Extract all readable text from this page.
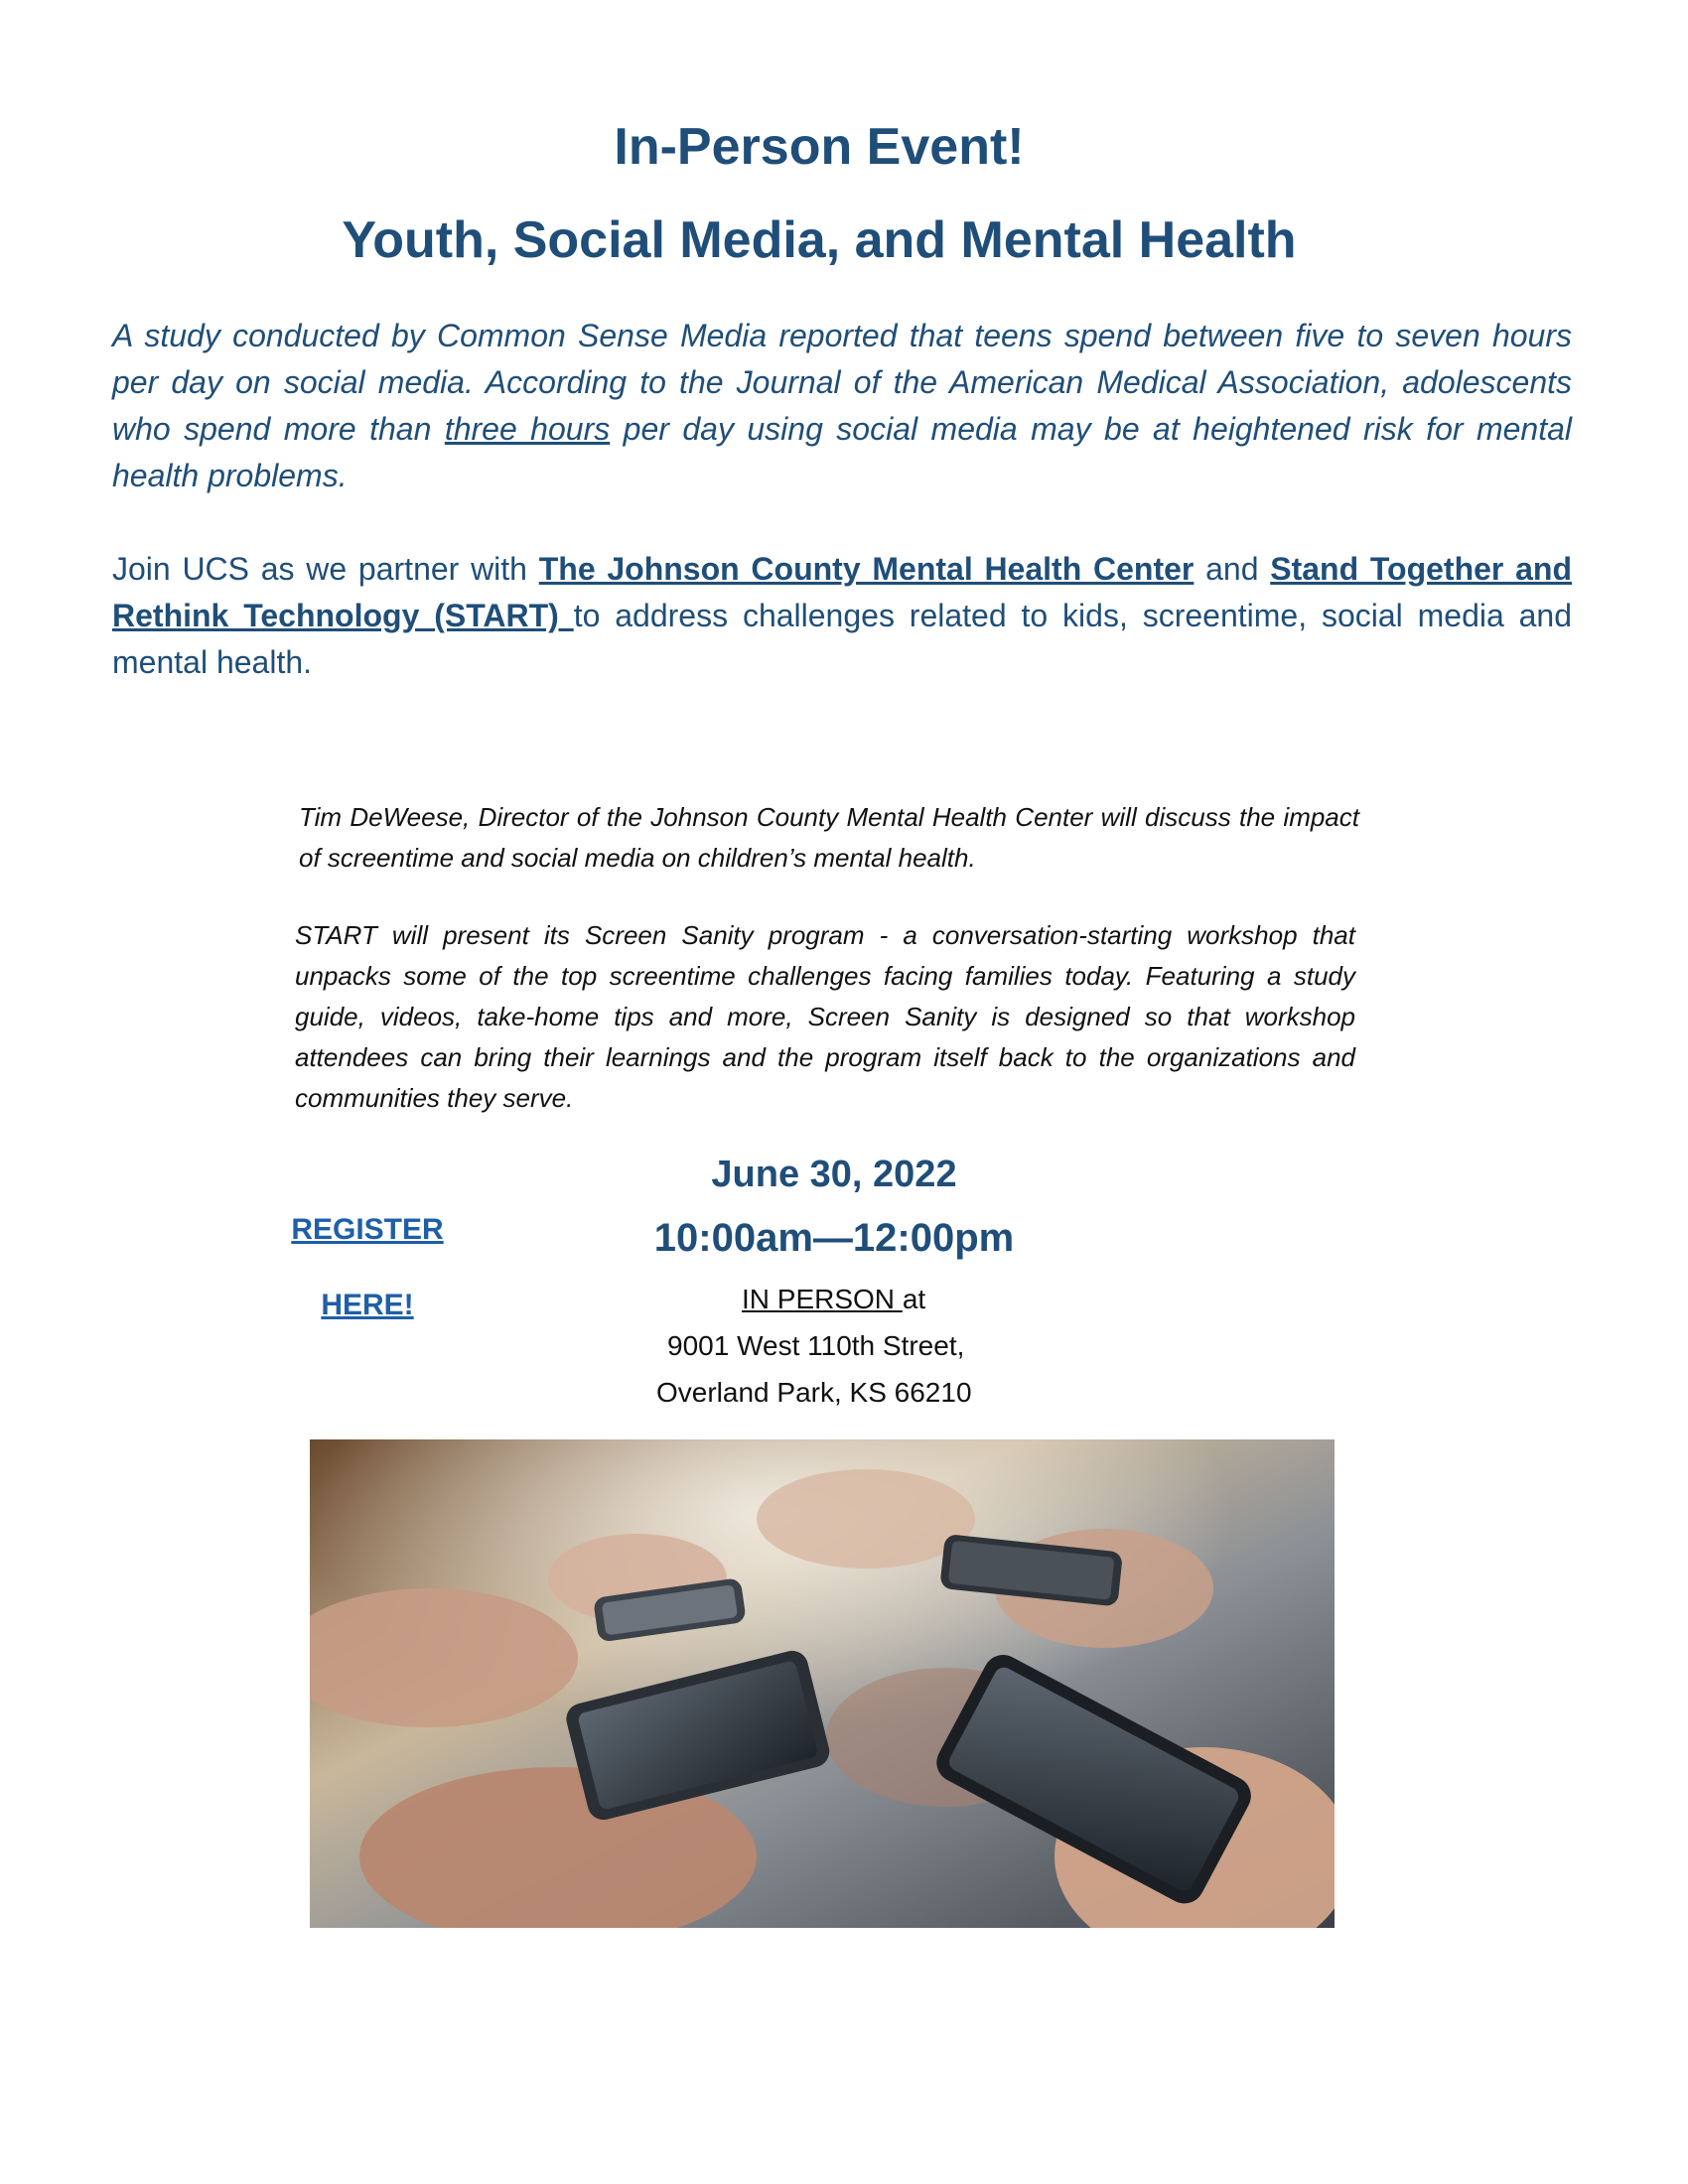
In-Person Event!
Youth, Social Media, and Mental Health

A study conducted by Common Sense Media reported that teens spend between five to seven hours per day on social media. According to the Journal of the American Medical Association, adolescents who spend more than three hours per day using social media may be at heightened risk for mental health problems.

Join UCS as we partner with The Johnson County Mental Health Center and Stand Together and Rethink Technology (START) to address challenges related to kids, screentime, social media and mental health.

Tim DeWeese, Director of the Johnson County Mental Health Center will discuss the impact of screentime and social media on children’s mental health.

START will present its Screen Sanity program - a conversation-starting workshop that unpacks some of the top screentime challenges facing families today. Featuring a study guide, videos, take-home tips and more, Screen Sanity is designed so that workshop attendees can bring their learnings and the program itself back to the organizations and communities they serve.

June 30, 2022
10:00am—12:00pm
REGISTER
HERE!	IN PERSON at
9001 West 110th Street,
Overland Park, KS 66210
